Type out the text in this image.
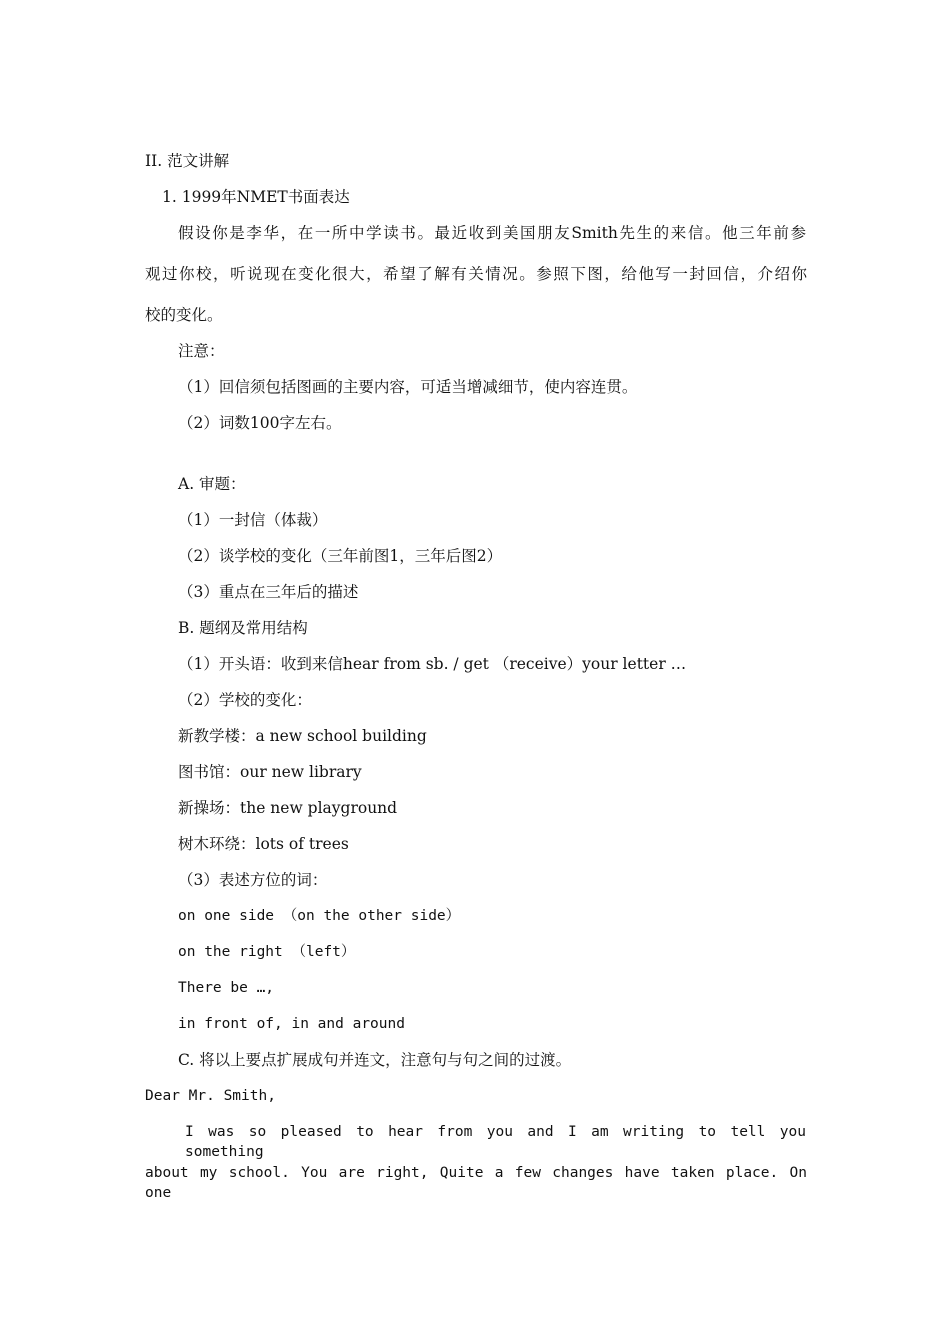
II. 范文讲解
1. 1999年NMET书面表达
假设你是李华，在一所中学读书。最近收到美国朋友Smith先生的来信。他三年前参
观过你校，听说现在变化很大，希望了解有关情况。参照下图，给他写一封回信，介绍你
校的变化。
注意：
（1）回信须包括图画的主要内容，可适当增减细节，使内容连贯。
（2）词数100字左右。
A. 审题：
（1）一封信（体裁）
（2）谈学校的变化（三年前图1，三年后图2）
（3）重点在三年后的描述
B. 题纲及常用结构
（1）开头语：收到来信hear from sb. / get （receive）your letter …
（2）学校的变化：
新教学楼：a new school building
图书馆：our new library
新操场：the new playground
树木环绕：lots of trees
（3）表述方位的词：
on one side （on the other side）
on the right （left）
There be …,
in front of, in and around
C. 将以上要点扩展成句并连文，注意句与句之间的过渡。
Dear Mr. Smith,
I was so pleased to hear from you and I am writing to tell you something
about my school. You are right, Quite a few changes have taken place. On one
